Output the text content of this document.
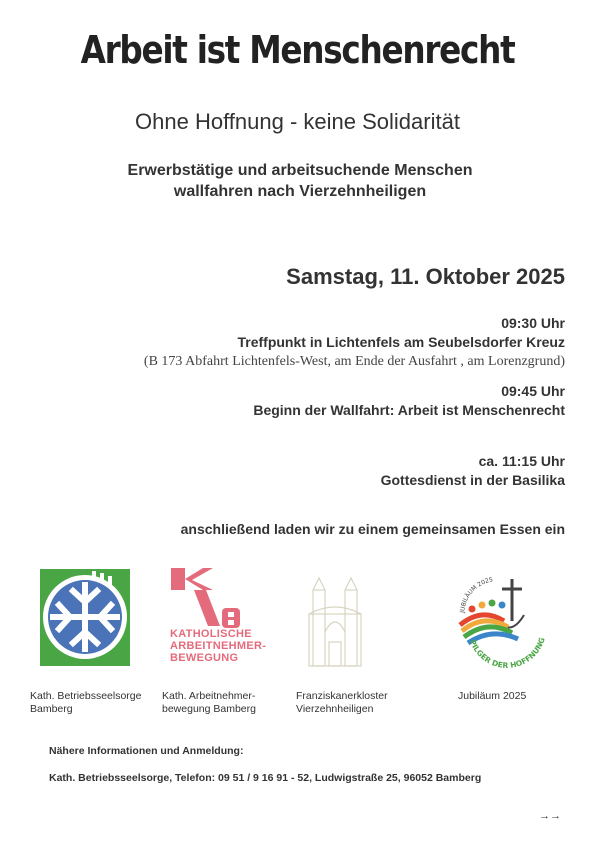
Arbeit ist Menschenrecht
Ohne Hoffnung - keine Solidarität
Erwerbstätige und arbeitsuchende Menschen
wallfahren nach Vierzehnheiligen
Samstag, 11. Oktober 2025
09:30 Uhr
Treffpunkt in Lichtenfels am Seubelsdorfer Kreuz
(B 173 Abfahrt Lichtenfels-West, am Ende der Ausfahrt , am Lorenzgrund)
09:45 Uhr
Beginn der Wallfahrt: Arbeit ist Menschenrecht
ca. 11:15 Uhr
Gottesdienst in der Basilika
anschließend laden wir zu einem gemeinsamen Essen ein
KATHOLISCHE
ARBEITNEHMER-
BEWEGUNG
JUBILÄUM 2025
PILGER DER HOFFNUNG
Kath. Betriebsseelsorge
Bamberg
Kath. Arbeitnehmer-
bewegung Bamberg
Franziskanerkloster
Vierzehnheiligen
Jubiläum 2025
Nähere Informationen und Anmeldung:
Kath. Betriebsseelsorge, Telefon: 09 51 / 9 16 91 - 52, Ludwigstraße 25, 96052 Bamberg
→→
